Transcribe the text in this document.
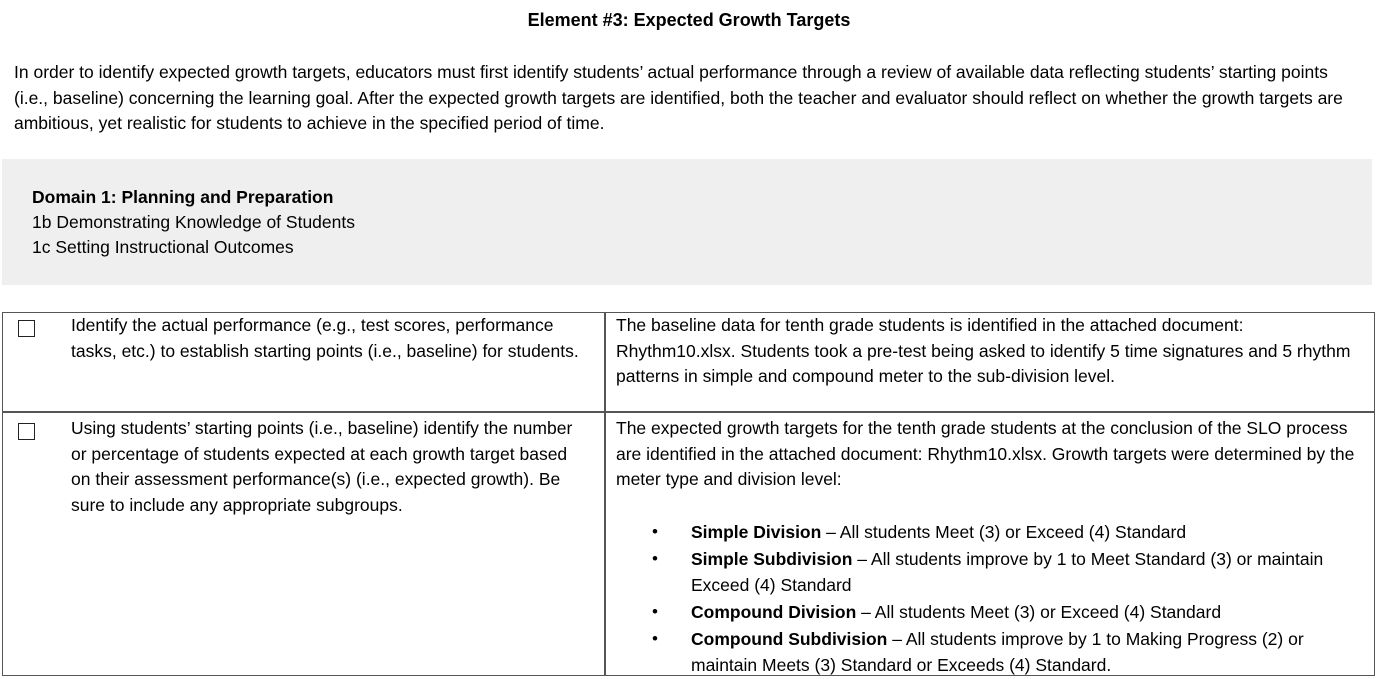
Element #3: Expected Growth Targets
In order to identify expected growth targets, educators must first identify students’ actual performance through a review of available data reflecting students’ starting points (i.e., baseline) concerning the learning goal. After the expected growth targets are identified, both the teacher and evaluator should reflect on whether the growth targets are ambitious, yet realistic for students to achieve in the specified period of time.
Domain 1: Planning and Preparation
1b Demonstrating Knowledge of Students
1c Setting Instructional Outcomes
Identify the actual performance (e.g., test scores, performance tasks, etc.) to establish starting points (i.e., baseline) for students.
The baseline data for tenth grade students is identified in the attached document: Rhythm10.xlsx. Students took a pre-test being asked to identify 5 time signatures and 5 rhythm patterns in simple and compound meter to the sub-division level.
Using students’ starting points (i.e., baseline) identify the number or percentage of students expected at each growth target based on their assessment performance(s) (i.e., expected growth). Be sure to include any appropriate subgroups.
The expected growth targets for the tenth grade students at the conclusion of the SLO process are identified in the attached document: Rhythm10.xlsx. Growth targets were determined by the meter type and division level:
• Simple Division – All students Meet (3) or Exceed (4) Standard
• Simple Subdivision – All students improve by 1 to Meet Standard (3) or maintain Exceed (4) Standard
• Compound Division – All students Meet (3) or Exceed (4) Standard
• Compound Subdivision – All students improve by 1 to Making Progress (2) or maintain Meets (3) Standard or Exceeds (4) Standard.
